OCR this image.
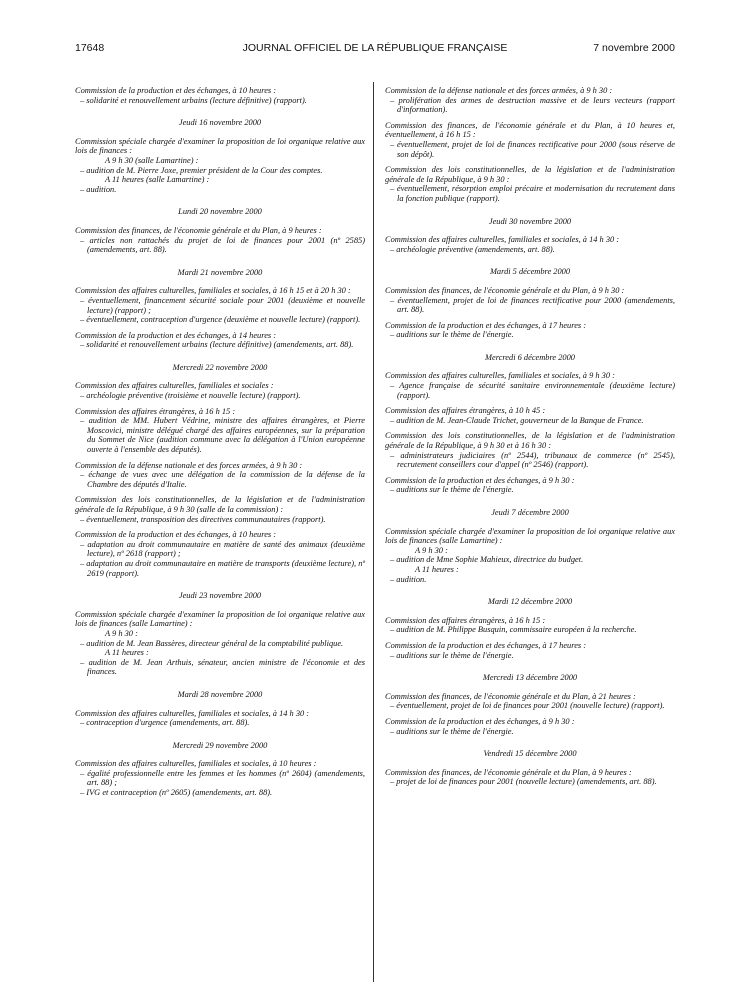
17648	JOURNAL OFFICIEL DE LA RÉPUBLIQUE FRANÇAISE	7 novembre 2000
Commission de la production et des échanges, à 10 heures :
– solidarité et renouvellement urbains (lecture définitive) (rapport).
Jeudi 16 novembre 2000
Commission spéciale chargée d'examiner la proposition de loi organique relative aux lois de finances :
A 9 h 30 (salle Lamartine) :
– audition de M. Pierre Joxe, premier président de la Cour des comptes.
A 11 heures (salle Lamartine) :
– audition.
Lundi 20 novembre 2000
Commission des finances, de l'économie générale et du Plan, à 9 heures :
– articles non rattachés du projet de loi de finances pour 2001 (nº 2585) (amendements, art. 88).
Mardi 21 novembre 2000
Commission des affaires culturelles, familiales et sociales, à 16 h 15 et à 20 h 30 :
– éventuellement, financement sécurité sociale pour 2001 (deuxième et nouvelle lecture) (rapport) ;
– éventuellement, contraception d'urgence (deuxième et nouvelle lecture) (rapport).
Commission de la production et des échanges, à 14 heures :
– solidarité et renouvellement urbains (lecture définitive) (amendements, art. 88).
Mercredi 22 novembre 2000
Commission des affaires culturelles, familiales et sociales :
– archéologie préventive (troisième et nouvelle lecture) (rapport).
Commission des affaires étrangères, à 16 h 15 :
– audition de MM. Hubert Védrine, ministre des affaires étrangères, et Pierre Moscovici, ministre délégué chargé des affaires européennes, sur la préparation du Sommet de Nice (audition commune avec la délégation à l'Union européenne ouverte à l'ensemble des députés).
Commission de la défense nationale et des forces armées, à 9 h 30 :
– échange de vues avec une délégation de la commission de la défense de la Chambre des députés d'Italie.
Commission des lois constitutionnelles, de la législation et de l'administration générale de la République, à 9 h 30 (salle de la commission) :
– éventuellement, transposition des directives communautaires (rapport).
Commission de la production et des échanges, à 10 heures :
– adaptation au droit communautaire en matière de santé des animaux (deuxième lecture), nº 2618 (rapport) ;
– adaptation au droit communautaire en matière de transports (deuxième lecture), nº 2619 (rapport).
Jeudi 23 novembre 2000
Commission spéciale chargée d'examiner la proposition de loi organique relative aux lois de finances (salle Lamartine) :
A 9 h 30 :
– audition de M. Jean Bassères, directeur général de la comptabilité publique.
A 11 heures :
– audition de M. Jean Arthuis, sénateur, ancien ministre de l'économie et des finances.
Mardi 28 novembre 2000
Commission des affaires culturelles, familiales et sociales, à 14 h 30 :
– contraception d'urgence (amendements, art. 88).
Mercredi 29 novembre 2000
Commission des affaires culturelles, familiales et sociales, à 10 heures :
– égalité professionnelle entre les femmes et les hommes (nº 2604) (amendements, art. 88) ;
– IVG et contraception (nº 2605) (amendements, art. 88).
Commission de la défense nationale et des forces armées, à 9 h 30 :
– prolifération des armes de destruction massive et de leurs vecteurs (rapport d'information).
Commission des finances, de l'économie générale et du Plan, à 10 heures et, éventuellement, à 16 h 15 :
– éventuellement, projet de loi de finances rectificative pour 2000 (sous réserve de son dépôt).
Commission des lois constitutionnelles, de la législation et de l'administration générale de la République, à 9 h 30 :
– éventuellement, résorption emploi précaire et modernisation du recrutement dans la fonction publique (rapport).
Jeudi 30 novembre 2000
Commission des affaires culturelles, familiales et sociales, à 14 h 30 :
– archéologie préventive (amendements, art. 88).
Mardi 5 décembre 2000
Commission des finances, de l'économie générale et du Plan, à 9 h 30 :
– éventuellement, projet de loi de finances rectificative pour 2000 (amendements, art. 88).
Commission de la production et des échanges, à 17 heures :
– auditions sur le thème de l'énergie.
Mercredi 6 décembre 2000
Commission des affaires culturelles, familiales et sociales, à 9 h 30 :
– Agence française de sécurité sanitaire environnementale (deuxième lecture) (rapport).
Commission des affaires étrangères, à 10 h 45 :
– audition de M. Jean-Claude Trichet, gouverneur de la Banque de France.
Commission des lois constitutionnelles, de la législation et de l'administration générale de la République, à 9 h 30 et à 16 h 30 :
– administrateurs judiciaires (nº 2544), tribunaux de commerce (nº 2545), recrutement conseillers cour d'appel (nº 2546) (rapport).
Commission de la production et des échanges, à 9 h 30 :
– auditions sur le thème de l'énergie.
Jeudi 7 décembre 2000
Commission spéciale chargée d'examiner la proposition de loi organique relative aux lois de finances (salle Lamartine) :
A 9 h 30 :
– audition de Mme Sophie Mahieux, directrice du budget.
A 11 heures :
– audition.
Mardi 12 décembre 2000
Commission des affaires étrangères, à 16 h 15 :
– audition de M. Philippe Busquin, commissaire européen à la recherche.
Commission de la production et des échanges, à 17 heures :
– auditions sur le thème de l'énergie.
Mercredi 13 décembre 2000
Commission des finances, de l'économie générale et du Plan, à 21 heures :
– éventuellement, projet de loi de finances pour 2001 (nouvelle lecture) (rapport).
Commission de la production et des échanges, à 9 h 30 :
– auditions sur le thème de l'énergie.
Vendredi 15 décembre 2000
Commission des finances, de l'économie générale et du Plan, à 9 heures :
– projet de loi de finances pour 2001 (nouvelle lecture) (amendements, art. 88).
